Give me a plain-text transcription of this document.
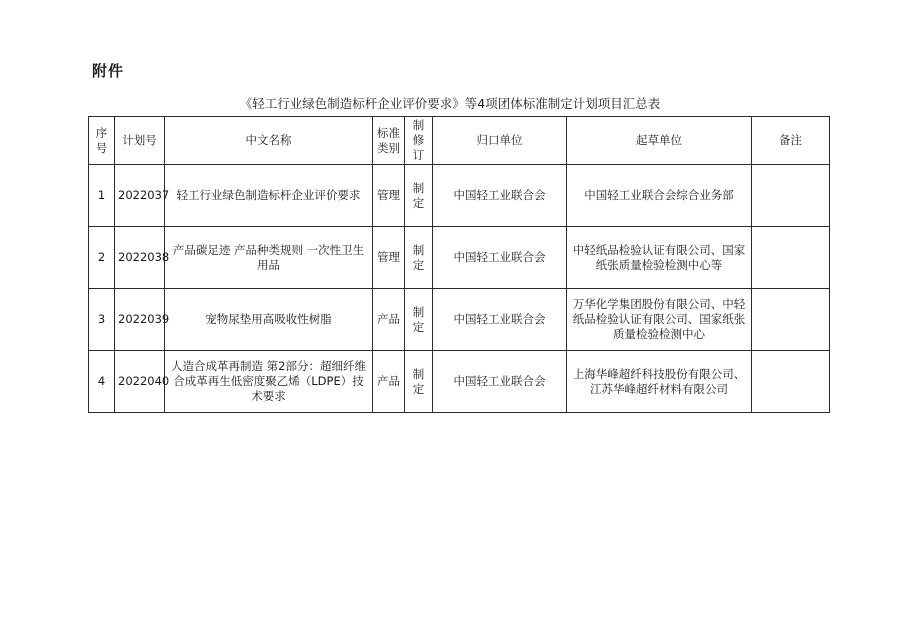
附件
《轻工行业绿色制造标杆企业评价要求》等4项团体标准制定计划项目汇总表
序号	计划号	中文名称	标准类别	制修订	归口单位	起草单位	备注
1	2022037	轻工行业绿色制造标杆企业评价要求	管理	制定	中国轻工业联合会	中国轻工业联合会综合业务部	
2	2022038	产品碳足迹 产品种类规则 一次性卫生用品	管理	制定	中国轻工业联合会	中轻纸品检验认证有限公司、国家纸张质量检验检测中心等	
3	2022039	宠物尿垫用高吸收性树脂	产品	制定	中国轻工业联合会	万华化学集团股份有限公司、中轻纸品检验认证有限公司、国家纸张质量检验检测中心	
4	2022040	人造合成革再制造 第2部分：超细纤维合成革再生低密度聚乙烯（LDPE）技术要求	产品	制定	中国轻工业联合会	上海华峰超纤科技股份有限公司、江苏华峰超纤材料有限公司	
